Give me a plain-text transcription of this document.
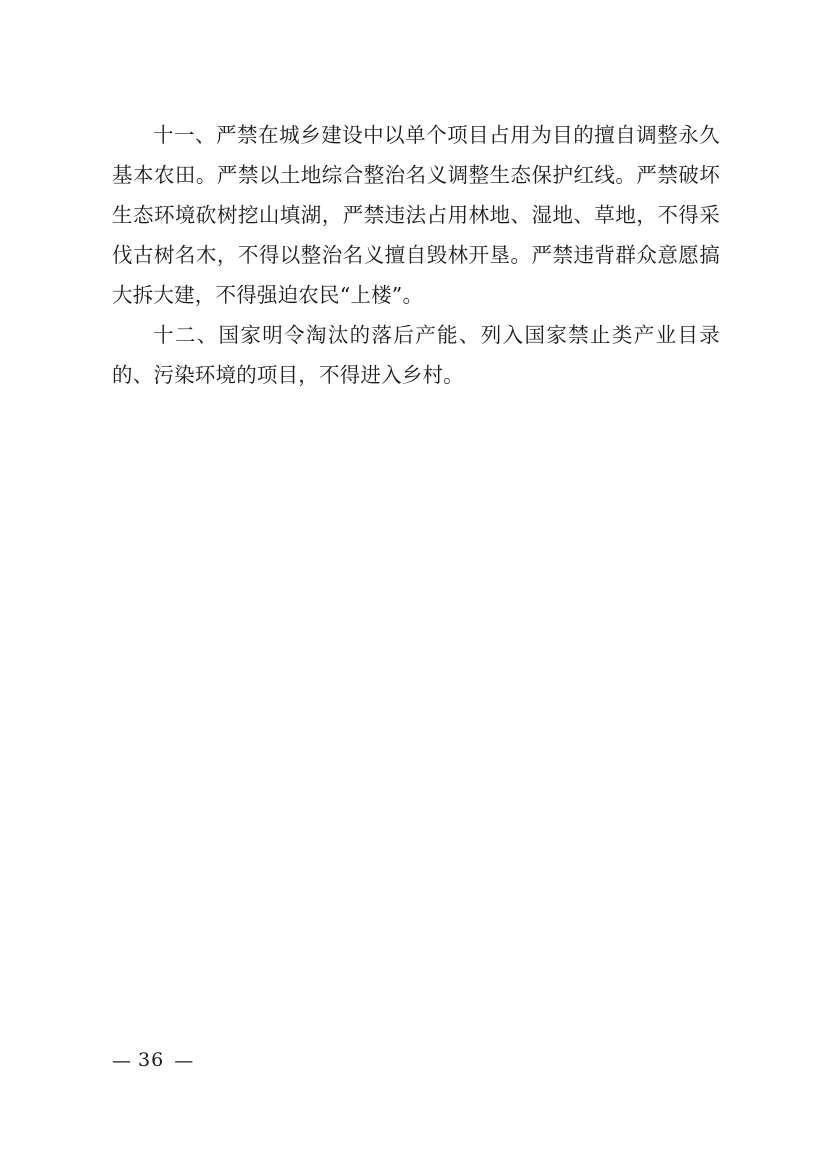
十一、严禁在城乡建设中以单个项目占用为目的擅自调整永久基本农田。严禁以土地综合整治名义调整生态保护红线。严禁破坏生态环境砍树挖山填湖，严禁违法占用林地、湿地、草地，不得采伐古树名木，不得以整治名义擅自毁林开垦。严禁违背群众意愿搞大拆大建，不得强迫农民“上楼”。

十二、国家明令淘汰的落后产能、列入国家禁止类产业目录的、污染环境的项目，不得进入乡村。

— 36 —
